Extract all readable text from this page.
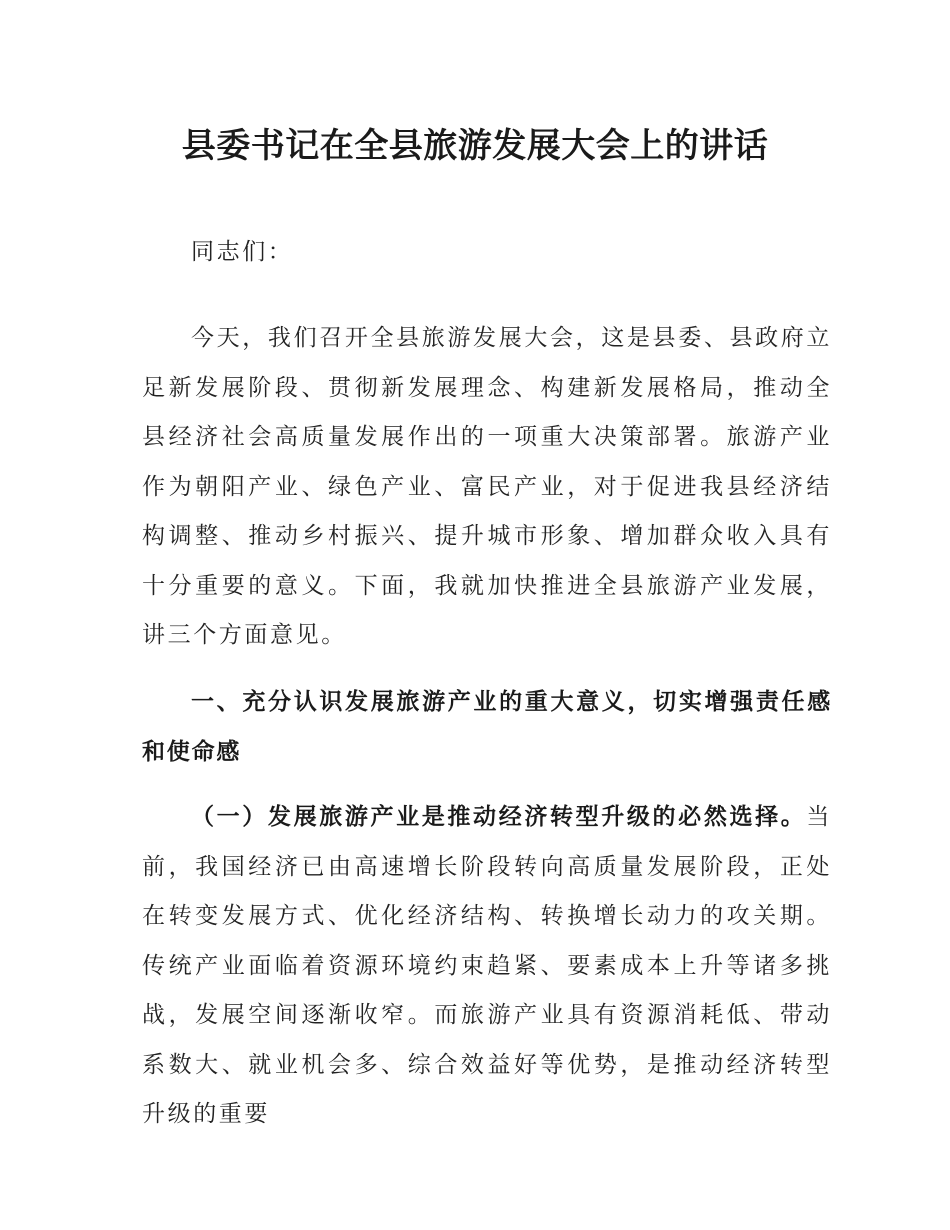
县委书记在全县旅游发展大会上的讲话

同志们：

今天，我们召开全县旅游发展大会，这是县委、县政府立足新发展阶段、贯彻新发展理念、构建新发展格局，推动全县经济社会高质量发展作出的一项重大决策部署。旅游产业作为朝阳产业、绿色产业、富民产业，对于促进我县经济结构调整、推动乡村振兴、提升城市形象、增加群众收入具有十分重要的意义。下面，我就加快推进全县旅游产业发展，讲三个方面意见。

一、充分认识发展旅游产业的重大意义，切实增强责任感和使命感

（一）发展旅游产业是推动经济转型升级的必然选择。当前，我国经济已由高速增长阶段转向高质量发展阶段，正处在转变发展方式、优化经济结构、转换增长动力的攻关期。传统产业面临着资源环境约束趋紧、要素成本上升等诸多挑战，发展空间逐渐收窄。而旅游产业具有资源消耗低、带动系数大、就业机会多、综合效益好等优势，是推动经济转型升级的重要
